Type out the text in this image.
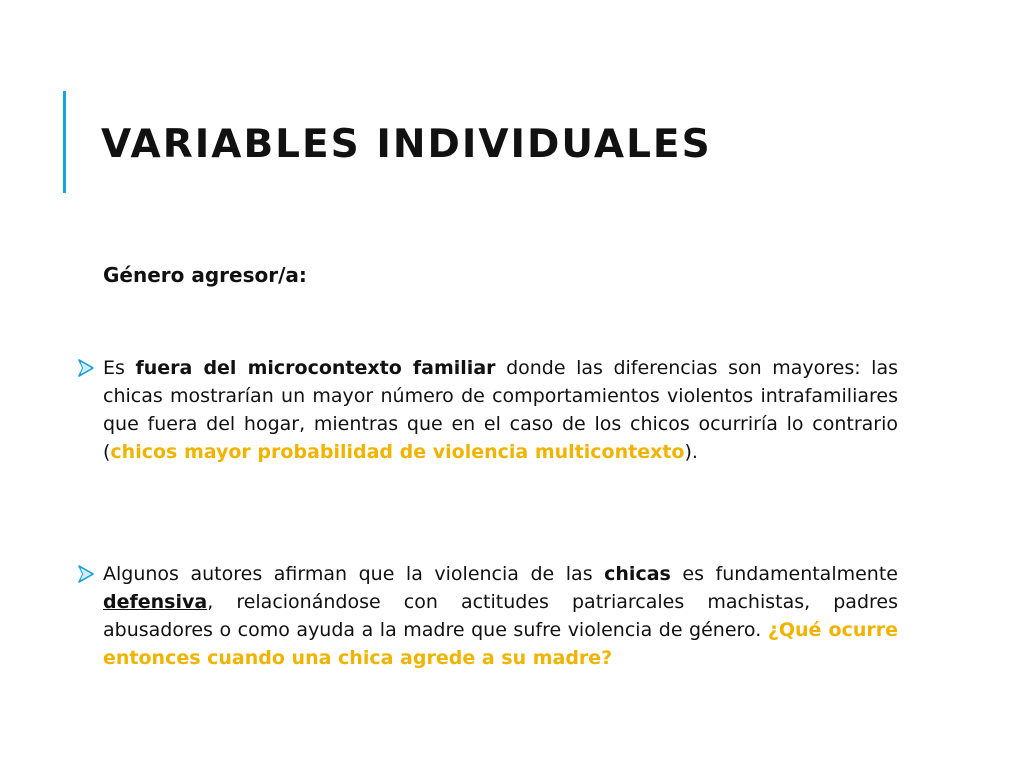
VARIABLES INDIVIDUALES

Género agresor/a:

Es fuera del microcontexto familiar donde las diferencias son mayores: las chicas mostrarían un mayor número de comportamientos violentos intrafamiliares que fuera del hogar, mientras que en el caso de los chicos ocurriría lo contrario (chicos mayor probabilidad de violencia multicontexto).

Algunos autores afirman que la violencia de las chicas es fundamentalmente defensiva, relacionándose con actitudes patriarcales machistas, padres abusadores o como ayuda a la madre que sufre violencia de género. ¿Qué ocurre entonces cuando una chica agrede a su madre?
